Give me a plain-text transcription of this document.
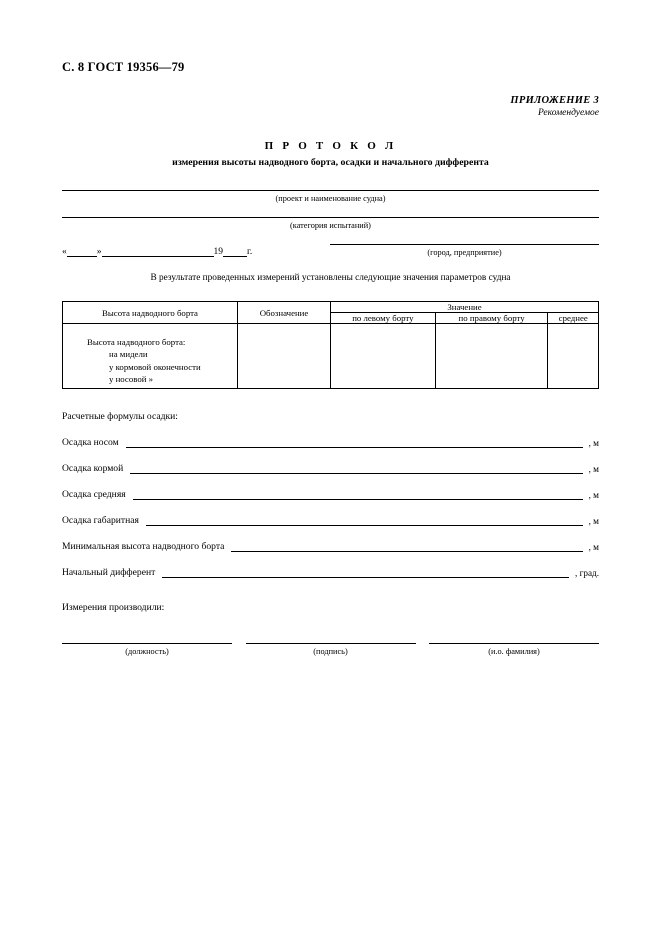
С. 8 ГОСТ 19356—79
ПРИЛОЖЕНИЕ 3
Рекомендуемое
П Р О Т О К О Л
измерения высоты надводного борта, осадки и начального дифферента
(проект и наименование судна)
(категория испытаний)
«	»	19	г.	(город, предприятие)
В результате проведенных измерений установлены следующие значения параметров судна
Высота надводного борта	Обозначение	Значение		
		по левому борту	по правому борту	среднее

Высота надводного борта:
на мидели
у кормовой оконечности
у носовой »				

Расчетные формулы осадки:
Осадка носом	, м
Осадка кормой	, м
Осадка средняя	, м
Осадка габаритная	, м
Минимальная высота надводного борта	, м
Начальный дифферент	, град.
Измерения производили:
(должность)	(подпись)	(и.о. фамилия)
